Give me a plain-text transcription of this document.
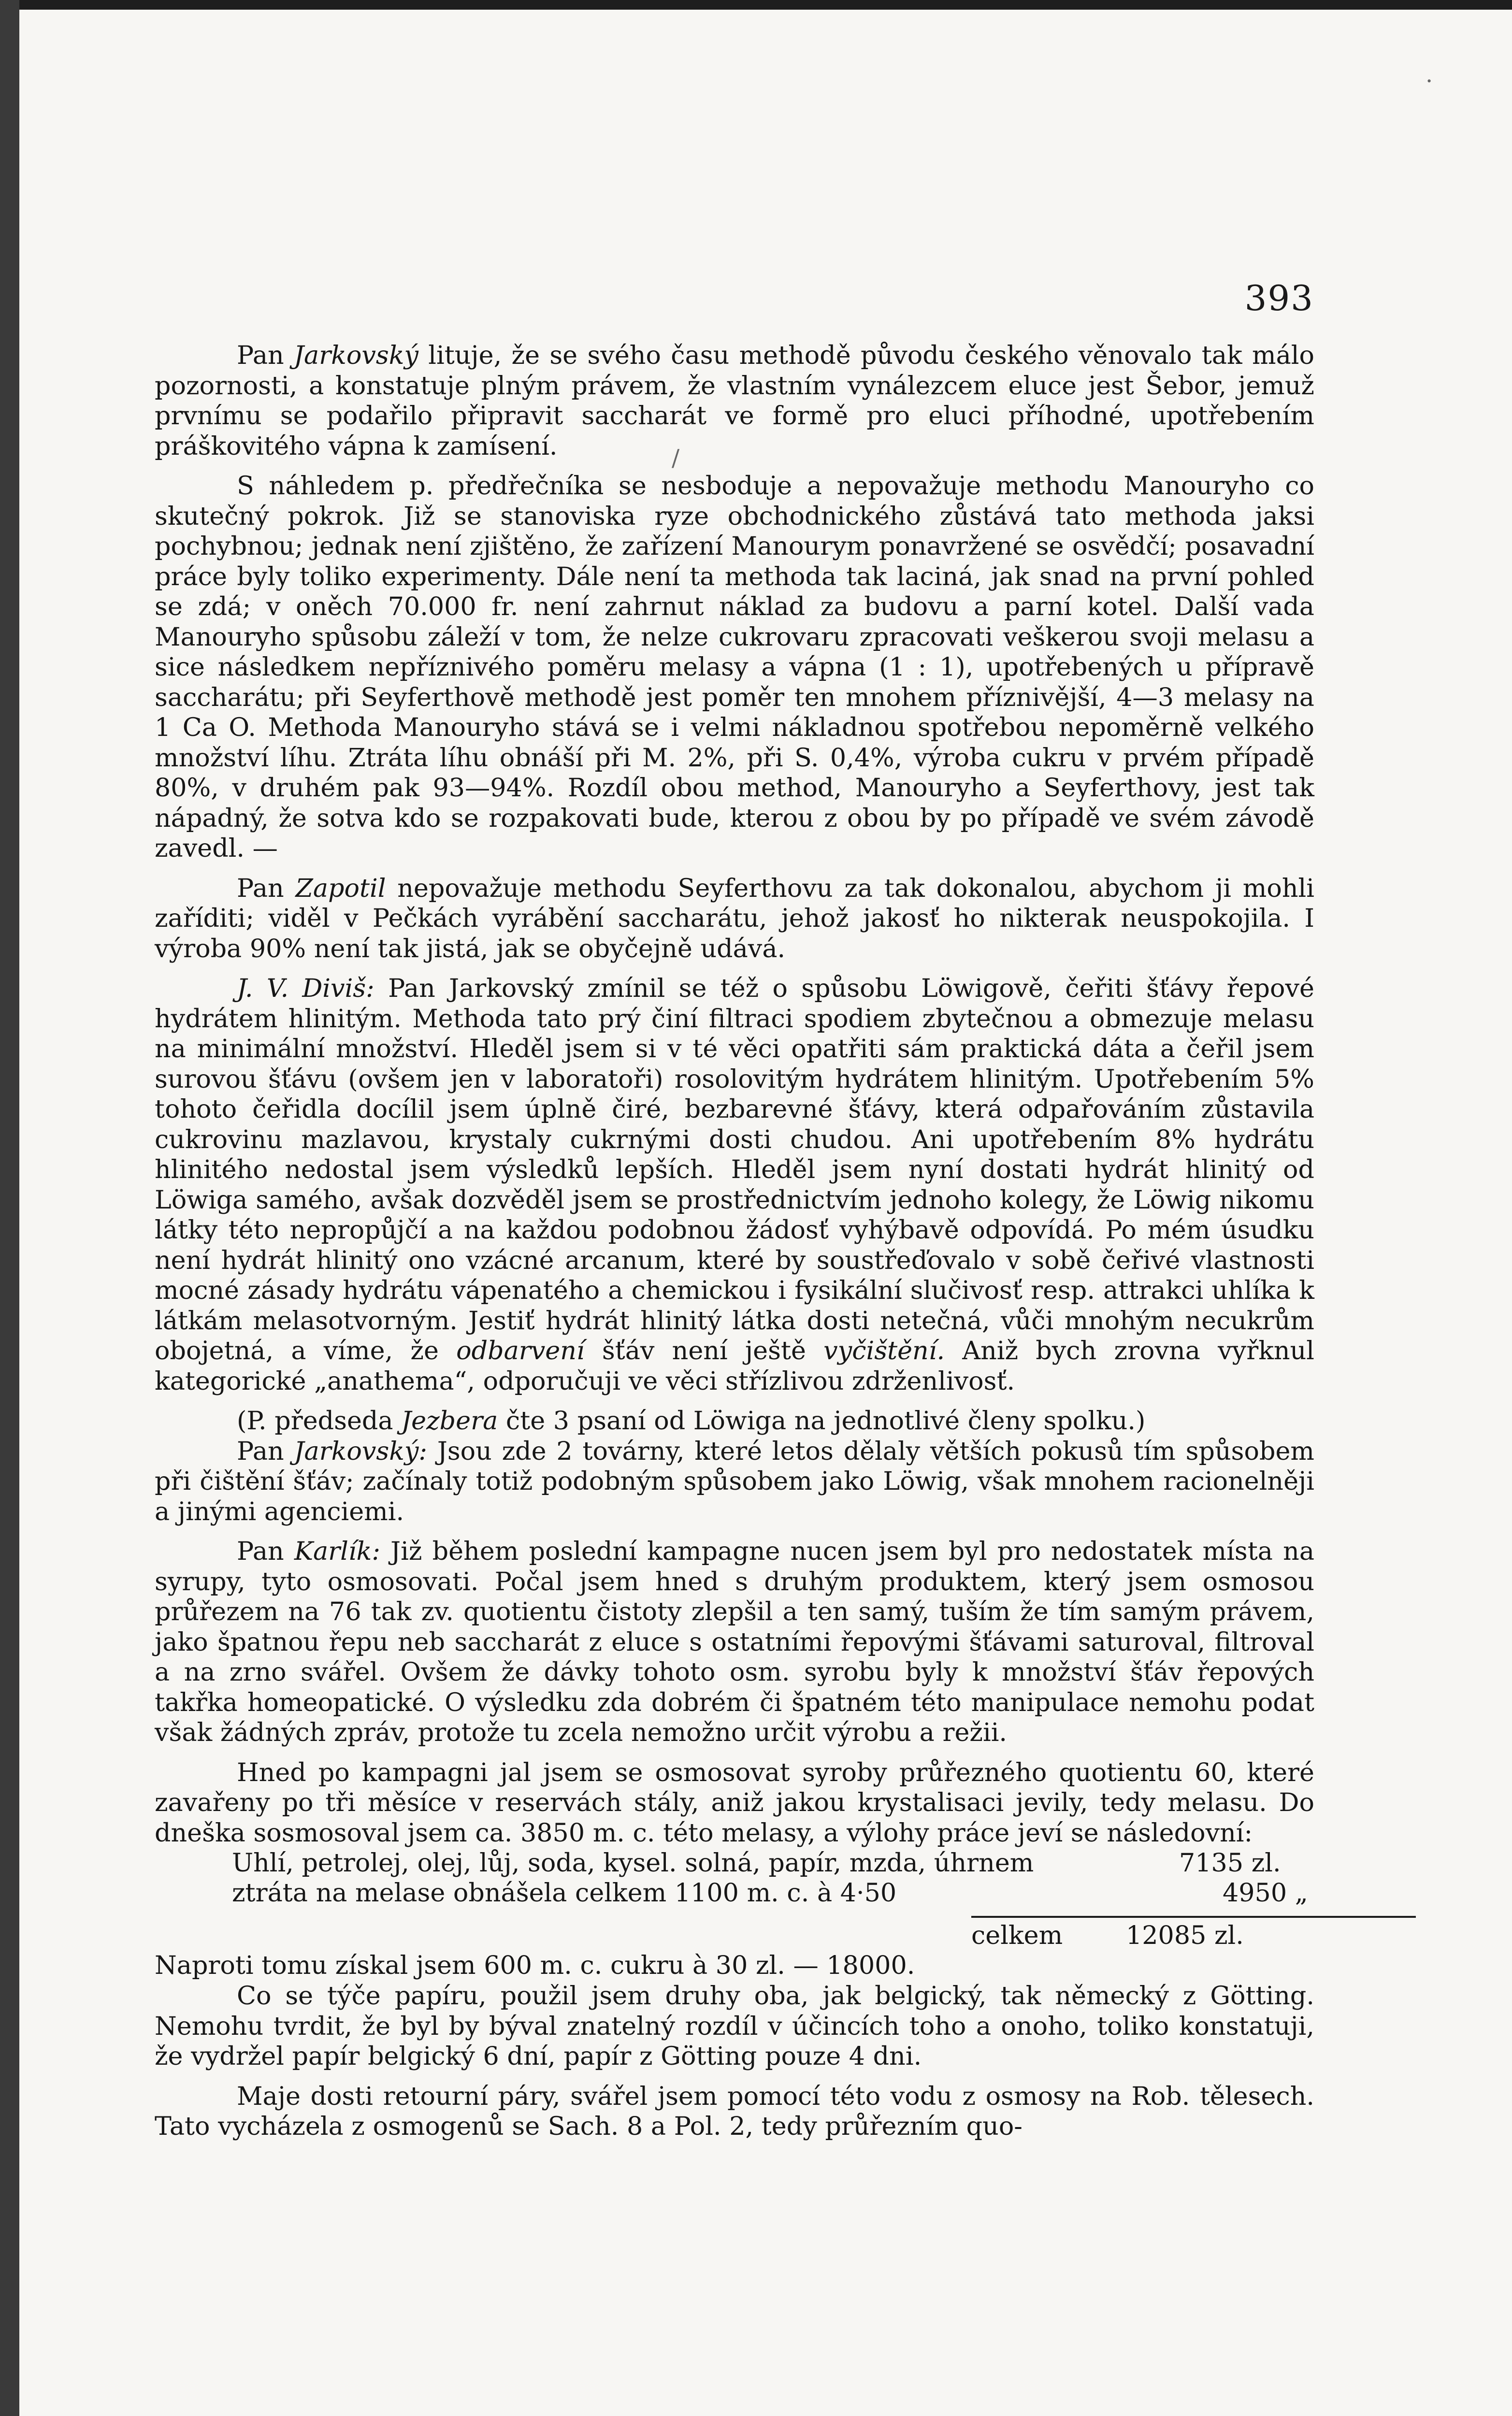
393
·
/

Pan Jarkovský lituje, že se svého času methodě původu českého věnovalo tak málo pozornosti, a konstatuje plným právem, že vlastním vynálezcem eluce jest Šebor, jemuž prvnímu se podařilo připravit saccharát ve formě pro eluci příhodné, upotřebením práškovitého vápna k zamísení.

S náhledem p. předřečníka se nesboduje a nepovažuje methodu Manouryho co skutečný pokrok. Již se stanoviska ryze obchodnického zůstává tato methoda jaksi pochybnou; jednak není zjištěno, že zařízení Manourym ponavržené se osvědčí; posavadní práce byly toliko experimenty. Dále není ta methoda tak laciná, jak snad na první pohled se zdá; v oněch 70.000 fr. není zahrnut náklad za budovu a parní kotel. Další vada Manouryho spůsobu záleží v tom, že nelze cukrovaru zpracovati veškerou svoji melasu a sice následkem nepříznivého poměru melasy a vápna (1 : 1), upotřebených u přípravě saccharátu; při Seyferthově methodě jest poměr ten mnohem příznivější, 4—3 melasy na 1 Ca O. Methoda Manouryho stává se i velmi nákladnou spotřebou nepoměrně velkého množství líhu. Ztráta líhu obnáší při M. 2%, při S. 0,4%, výroba cukru v prvém případě 80%, v druhém pak 93—94%. Rozdíl obou method, Manouryho a Seyferthovy, jest tak nápadný, že sotva kdo se rozpakovati bude, kterou z obou by po případě ve svém závodě zavedl. —

Pan Zapotil nepovažuje methodu Seyferthovu za tak dokonalou, abychom ji mohli zaříditi; viděl v Pečkách vyrábění saccharátu, jehož jakosť ho nikterak neuspokojila. I výroba 90% není tak jistá, jak se obyčejně udává.

J. V. Diviš: Pan Jarkovský zmínil se též o spůsobu Löwigově, čeřiti šťávy řepové hydrátem hlinitým. Methoda tato prý činí filtraci spodiem zbytečnou a obmezuje melasu na minimální množství. Hleděl jsem si v té věci opatřiti sám praktická dáta a čeřil jsem surovou šťávu (ovšem jen v laboratoři) rosolovitým hydrátem hlinitým. Upotřebením 5% tohoto čeřidla docílil jsem úplně čiré, bezbarevné šťávy, která odpařováním zůstavila cukrovinu mazlavou, krystaly cukrnými dosti chudou. Ani upotřebením 8% hydrátu hlinitého nedostal jsem výsledků lepších. Hleděl jsem nyní dostati hydrát hlinitý od Löwiga samého, avšak dozvěděl jsem se prostřednictvím jednoho kolegy, že Löwig nikomu látky této nepropůjčí a na každou podobnou žádosť vyhýbavě odpovídá. Po mém úsudku není hydrát hlinitý ono vzácné arcanum, které by soustřeďovalo v sobě čeřivé vlastnosti mocné zásady hydrátu vápenatého a chemickou i fysikální slučivosť resp. attrakci uhlíka k látkám melasotvorným. Jestiť hydrát hlinitý látka dosti netečná, vůči mnohým necukrům obojetná, a víme, že odbarvení šťáv není ještě vyčištění. Aniž bych zrovna vyřknul kategorické „anathema“, odporučuji ve věci střízlivou zdrženlivosť.

(P. předseda Jezbera čte 3 psaní od Löwiga na jednotlivé členy spolku.)

Pan Jarkovský: Jsou zde 2 továrny, které letos dělaly větších pokusů tím spůsobem při čištění šťáv; začínaly totiž podobným spůsobem jako Löwig, však mnohem racionelněji a jinými agenciemi.

Pan Karlík: Již během poslední kampagne nucen jsem byl pro nedostatek místa na syrupy, tyto osmosovati. Počal jsem hned s druhým produktem, který jsem osmosou průřezem na 76 tak zv. quotientu čistoty zlepšil a ten samý, tuším že tím samým právem, jako špatnou řepu neb saccharát z eluce s ostatními řepovými šťávami saturoval, filtroval a na zrno svářel. Ovšem že dávky tohoto osm. syrobu byly k množství šťáv řepových takřka homeopatické. O výsledku zda dobrém či špatném této manipulace nemohu podat však žádných zpráv, protože tu zcela nemožno určit výrobu a režii.

Hned po kampagni jal jsem se osmosovat syroby průřezného quotientu 60, které zavařeny po tři měsíce v reservách stály, aniž jakou krystalisaci jevily, tedy melasu. Do dneška sosmosoval jsem ca. 3850 m. c. této melasy, a výlohy práce jeví se následovní:

Uhlí, petrolej, olej, lůj, soda, kysel. solná, papír, mzda, úhrnem	7135 zl.
ztráta na melase obnášela celkem 1100 m. c. à 4·50	4950 „
celkem	12085 zl.
Naproti tomu získal jsem 600 m. c. cukru à 30 zl. — 18000.

Co se týče papíru, použil jsem druhy oba, jak belgický, tak německý z Götting. Nemohu tvrdit, že byl by býval znatelný rozdíl v účincích toho a onoho, toliko konstatuji, že vydržel papír belgický 6 dní, papír z Götting pouze 4 dni.

Maje dosti retourní páry, svářel jsem pomocí této vodu z osmosy na Rob. tělesech. Tato vycházela z osmogenů se Sach. 8 a Pol. 2, tedy průřezním quo-
